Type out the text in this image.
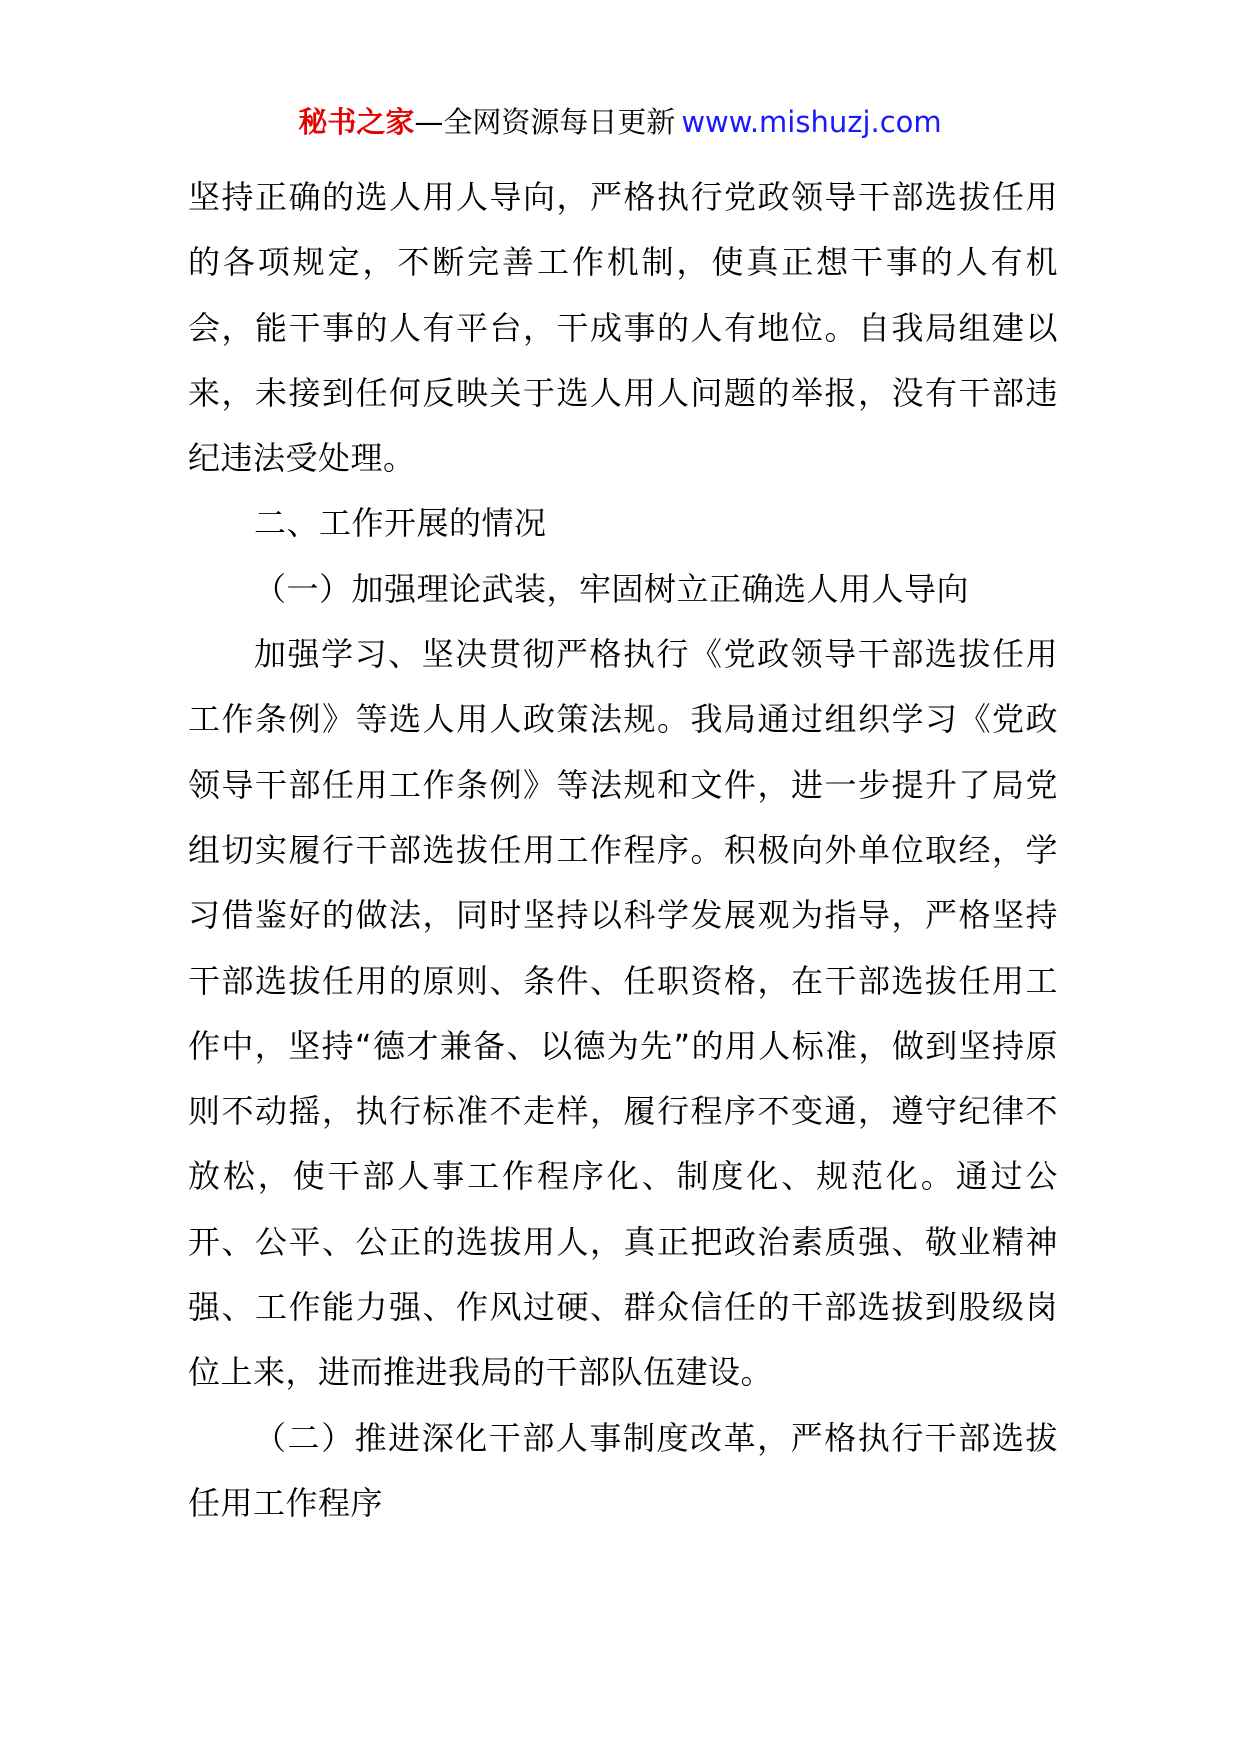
秘书之家—全网资源每日更新 www.mishuzj.com

坚持正确的选人用人导向，严格执行党政领导干部选拔任用的各项规定，不断完善工作机制，使真正想干事的人有机会，能干事的人有平台，干成事的人有地位。自我局组建以来，未接到任何反映关于选人用人问题的举报，没有干部违纪违法受处理。

二、工作开展的情况

（一）加强理论武装，牢固树立正确选人用人导向

加强学习、坚决贯彻严格执行《党政领导干部选拔任用工作条例》等选人用人政策法规。我局通过组织学习《党政领导干部任用工作条例》等法规和文件，进一步提升了局党组切实履行干部选拔任用工作程序。积极向外单位取经，学习借鉴好的做法，同时坚持以科学发展观为指导，严格坚持干部选拔任用的原则、条件、任职资格，在干部选拔任用工作中，坚持“德才兼备、以德为先”的用人标准，做到坚持原则不动摇，执行标准不走样，履行程序不变通，遵守纪律不放松，使干部人事工作程序化、制度化、规范化。通过公开、公平、公正的选拔用人，真正把政治素质强、敬业精神强、工作能力强、作风过硬、群众信任的干部选拔到股级岗位上来，进而推进我局的干部队伍建设。

（二）推进深化干部人事制度改革，严格执行干部选拔任用工作程序
